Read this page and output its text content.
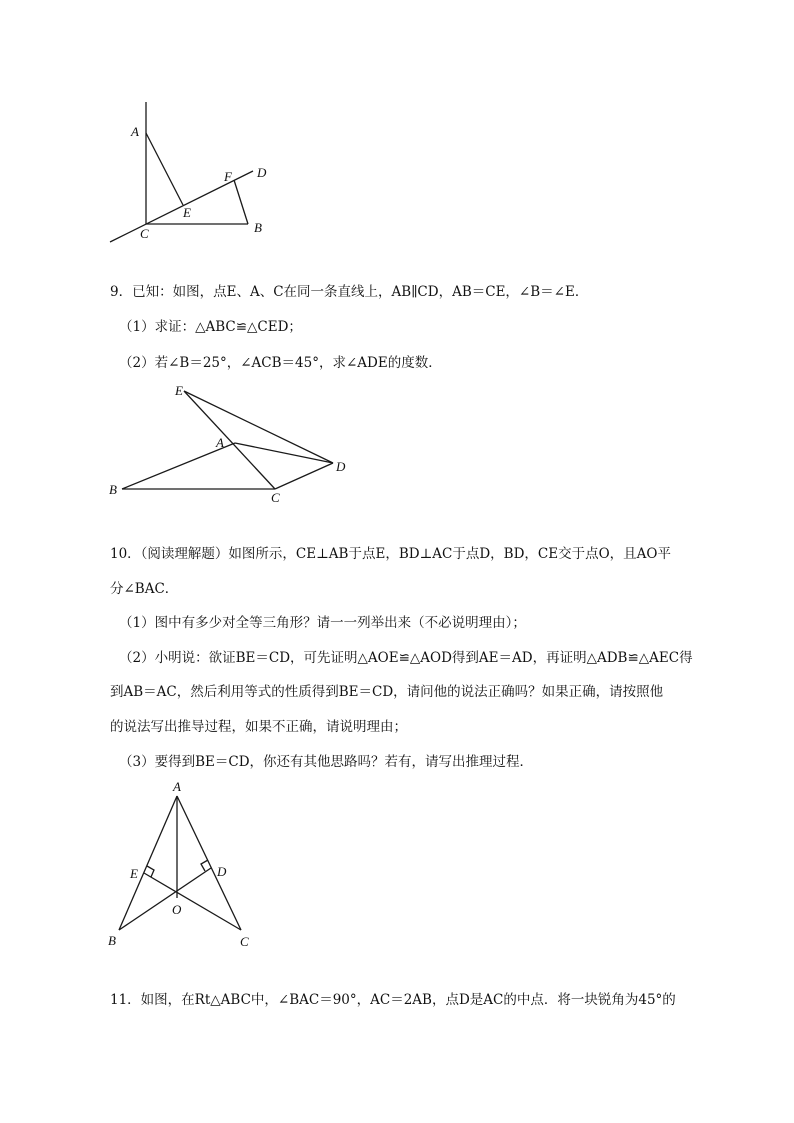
A
C
E
F D
B
9．已知：如图，点E、A、C在同一条直线上，AB∥CD，AB＝CE，∠B＝∠E．
（1）求证：△ABC≌△CED；
（2）若∠B＝25°，∠ACB＝45°，求∠ADE的度数．
E
A
B
C
D
10．（阅读理解题）如图所示，CE⊥AB于点E，BD⊥AC于点D，BD，CE交于点O，且AO平
分∠BAC．
（1）图中有多少对全等三角形？请一一列举出来（不必说明理由）；
（2）小明说：欲证BE＝CD，可先证明△AOE≌△AOD得到AE＝AD，再证明△ADB≌△AEC得
到AB＝AC，然后利用等式的性质得到BE＝CD，请问他的说法正确吗？如果正确，请按照他
的说法写出推导过程，如果不正确，请说明理由；
（3）要得到BE＝CD，你还有其他思路吗？若有，请写出推理过程．
A
E	D
O
B	C
11．如图，在Rt△ABC中，∠BAC＝90°，AC＝2AB，点D是AC的中点．将一块锐角为45°的
